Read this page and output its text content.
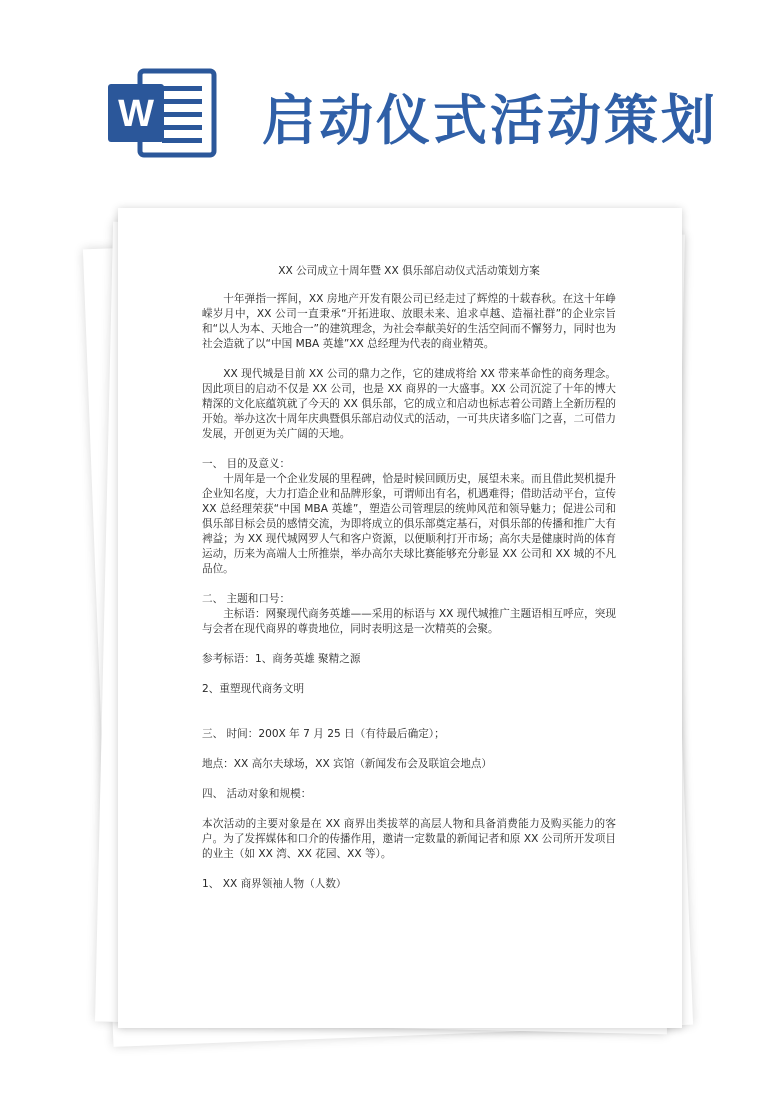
W 启动仪式活动策划

XX 公司成立十周年暨 XX 俱乐部启动仪式活动策划方案

十年弹指一挥间，XX 房地产开发有限公司已经走过了辉煌的十载春秋。在这十年峥嵘岁月中，XX 公司一直秉承“开拓进取、放眼未来、追求卓越、造福社群”的企业宗旨和“以人为本、天地合一”的建筑理念，为社会奉献美好的生活空间而不懈努力，同时也为社会造就了以“中国 MBA 英雄”XX 总经理为代表的商业精英。

XX 现代城是目前 XX 公司的鼎力之作，它的建成将给 XX 带来革命性的商务理念。因此项目的启动不仅是 XX 公司，也是 XX 商界的一大盛事。XX 公司沉淀了十年的博大精深的文化底蕴筑就了今天的 XX 俱乐部，它的成立和启动也标志着公司踏上全新历程的开始。举办这次十周年庆典暨俱乐部启动仪式的活动，一可共庆诸多临门之喜，二可借力发展，开创更为关广阔的天地。

一、 目的及意义：

十周年是一个企业发展的里程碑，恰是时候回顾历史，展望未来。而且借此契机提升企业知名度，大力打造企业和品牌形象，可谓师出有名，机遇难得；借助活动平台，宣传 XX 总经理荣获“中国 MBA 英雄”，塑造公司管理层的统帅风范和领导魅力；促进公司和俱乐部目标会员的感情交流，为即将成立的俱乐部奠定基石，对俱乐部的传播和推广大有裨益；为 XX 现代城网罗人气和客户资源，以便顺利打开市场；高尔夫是健康时尚的体育运动，历来为高端人士所推崇，举办高尔夫球比赛能够充分彰显 XX 公司和 XX 城的不凡品位。

二、 主题和口号：

主标语：网聚现代商务英雄——采用的标语与 XX 现代城推广主题语相互呼应，突现与会者在现代商界的尊贵地位，同时表明这是一次精英的会聚。

参考标语：1、商务英雄 聚精之源

2、重塑现代商务文明

三、 时间：200X 年 7 月 25 日（有待最后确定）；

地点：XX 高尔夫球场，XX 宾馆（新闻发布会及联谊会地点）

四、 活动对象和规模：

本次活动的主要对象是在 XX 商界出类拔萃的高层人物和具备消费能力及购买能力的客户。为了发挥媒体和口介的传播作用，邀请一定数量的新闻记者和原 XX 公司所开发项目的业主（如 XX 湾、XX 花园、XX 等）。

1、 XX 商界领袖人物（人数）
